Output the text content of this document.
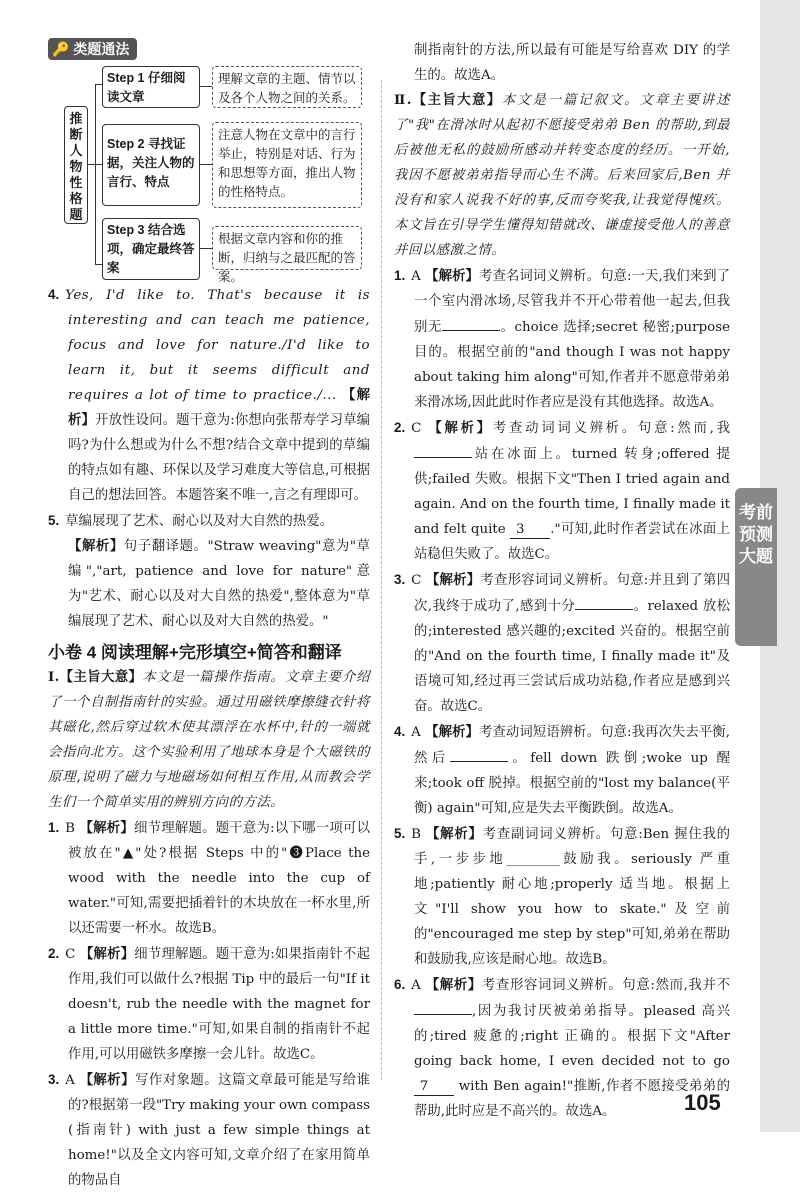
🔑 类题通法
推断人物性格题
Step 1 仔细阅读文章
理解文章的主题、情节以及各个人物之间的关系。
Step 2 寻找证据，关注人物的言行、特点
注意人物在文章中的言行举止，特别是对话、行为和思想等方面，推出人物的性格特点。
Step 3 结合选项，确定最终答案
根据文章内容和你的推断，归纳与之最匹配的答案。

4. Yes, I'd like to. That's because it is interesting and can teach me patience, focus and love for nature./I'd like to learn it, but it seems difficult and requires a lot of time to practice./... 【解析】开放性设问。题干意为:你想向张帮寿学习草编吗?为什么想或为什么不想?结合文章中提到的草编的特点如有趣、环保以及学习难度大等信息,可根据自己的想法回答。本题答案不唯一,言之有理即可。

5. 草编展现了艺术、耐心以及对大自然的热爱。

【解析】句子翻译题。"Straw weaving"意为"草编","art, patience and love for nature"意为"艺术、耐心以及对大自然的热爱",整体意为"草编展现了艺术、耐心以及对大自然的热爱。"

小卷 4 阅读理解+完形填空+简答和翻译

Ⅰ.【主旨大意】本文是一篇操作指南。文章主要介绍了一个自制指南针的实验。通过用磁铁摩擦缝衣针将其磁化,然后穿过软木使其漂浮在水杯中,针的一端就会指向北方。这个实验利用了地球本身是个大磁铁的原理,说明了磁力与地磁场如何相互作用,从而教会学生们一个简单实用的辨别方向的方法。

1. B 【解析】细节理解题。题干意为:以下哪一项可以被放在"▲"处?根据 Steps 中的"❸Place the wood with the needle into the cup of water."可知,需要把插着针的木块放在一杯水里,所以还需要一杯水。故选B。

2. C 【解析】细节理解题。题干意为:如果指南针不起作用,我们可以做什么?根据 Tip 中的最后一句"If it doesn't, rub the needle with the magnet for a little more time."可知,如果自制的指南针不起作用,可以用磁铁多摩擦一会儿针。故选C。

3. A 【解析】写作对象题。这篇文章最可能是写给谁的?根据第一段"Try making your own compass (指南针) with just a few simple things at home!"以及全文内容可知,文章介绍了在家用简单的物品自

制指南针的方法,所以最有可能是写给喜欢 DIY 的学生的。故选A。

Ⅱ.【主旨大意】本文是一篇记叙文。文章主要讲述了"我"在滑冰时从起初不愿接受弟弟 Ben 的帮助,到最后被他无私的鼓励所感动并转变态度的经历。一开始,我因不愿被弟弟指导而心生不满。后来回家后,Ben 并没有和家人说我不好的事,反而夸奖我,让我觉得愧疚。本文旨在引导学生懂得知错就改、谦虚接受他人的善意并回以感激之情。

1. A 【解析】考查名词词义辨析。句意:一天,我们来到了一个室内滑冰场,尽管我并不开心带着他一起去,但我别无	。choice 选择;secret 秘密;purpose 目的。根据空前的"and though I was not happy about taking him along"可知,作者并不愿意带弟弟来滑冰场,因此此时作者应是没有其他选择。故选A。

2. C 【解析】考查动词词义辨析。句意:然而,我站在冰面上。turned 转身;offered 提供;failed 失败。根据下文"Then I tried again and again. And on the fourth time, I finally made it and felt quite 3 ."可知,此时作者尝试在冰面上站稳但失败了。故选C。

3. C 【解析】考查形容词词义辨析。句意:并且到了第四次,我终于成功了,感到十分	。relaxed 放松的;interested 感兴趣的;excited 兴奋的。根据空前的"And on the fourth time, I finally made it"及语境可知,经过再三尝试后成功站稳,作者应是感到兴奋。故选C。

4. A 【解析】考查动词短语辨析。句意:我再次失去平衡,然后	。fell down 跌倒;woke up 醒来;took off 脱掉。根据空前的"lost my balance(平衡) again"可知,应是失去平衡跌倒。故选A。

5. B 【解析】考查副词词义辨析。句意:Ben 握住我的手,一步步地________鼓励我。seriously 严重地;patiently 耐心地;properly 适当地。根据上文"I'll show you how to skate."及空前的"encouraged me step by step"可知,弟弟在帮助和鼓励我,应该是耐心地。故选B。

6. A 【解析】考查形容词词义辨析。句意:然而,我并不,因为我讨厌被弟弟指导。pleased 高兴的;tired 疲惫的;right 正确的。根据下文"After going back home, I even decided not to go 7 with Ben again!"推断,作者不愿接受弟弟的帮助,此时应是不高兴的。故选A。

考前预测大题
105
